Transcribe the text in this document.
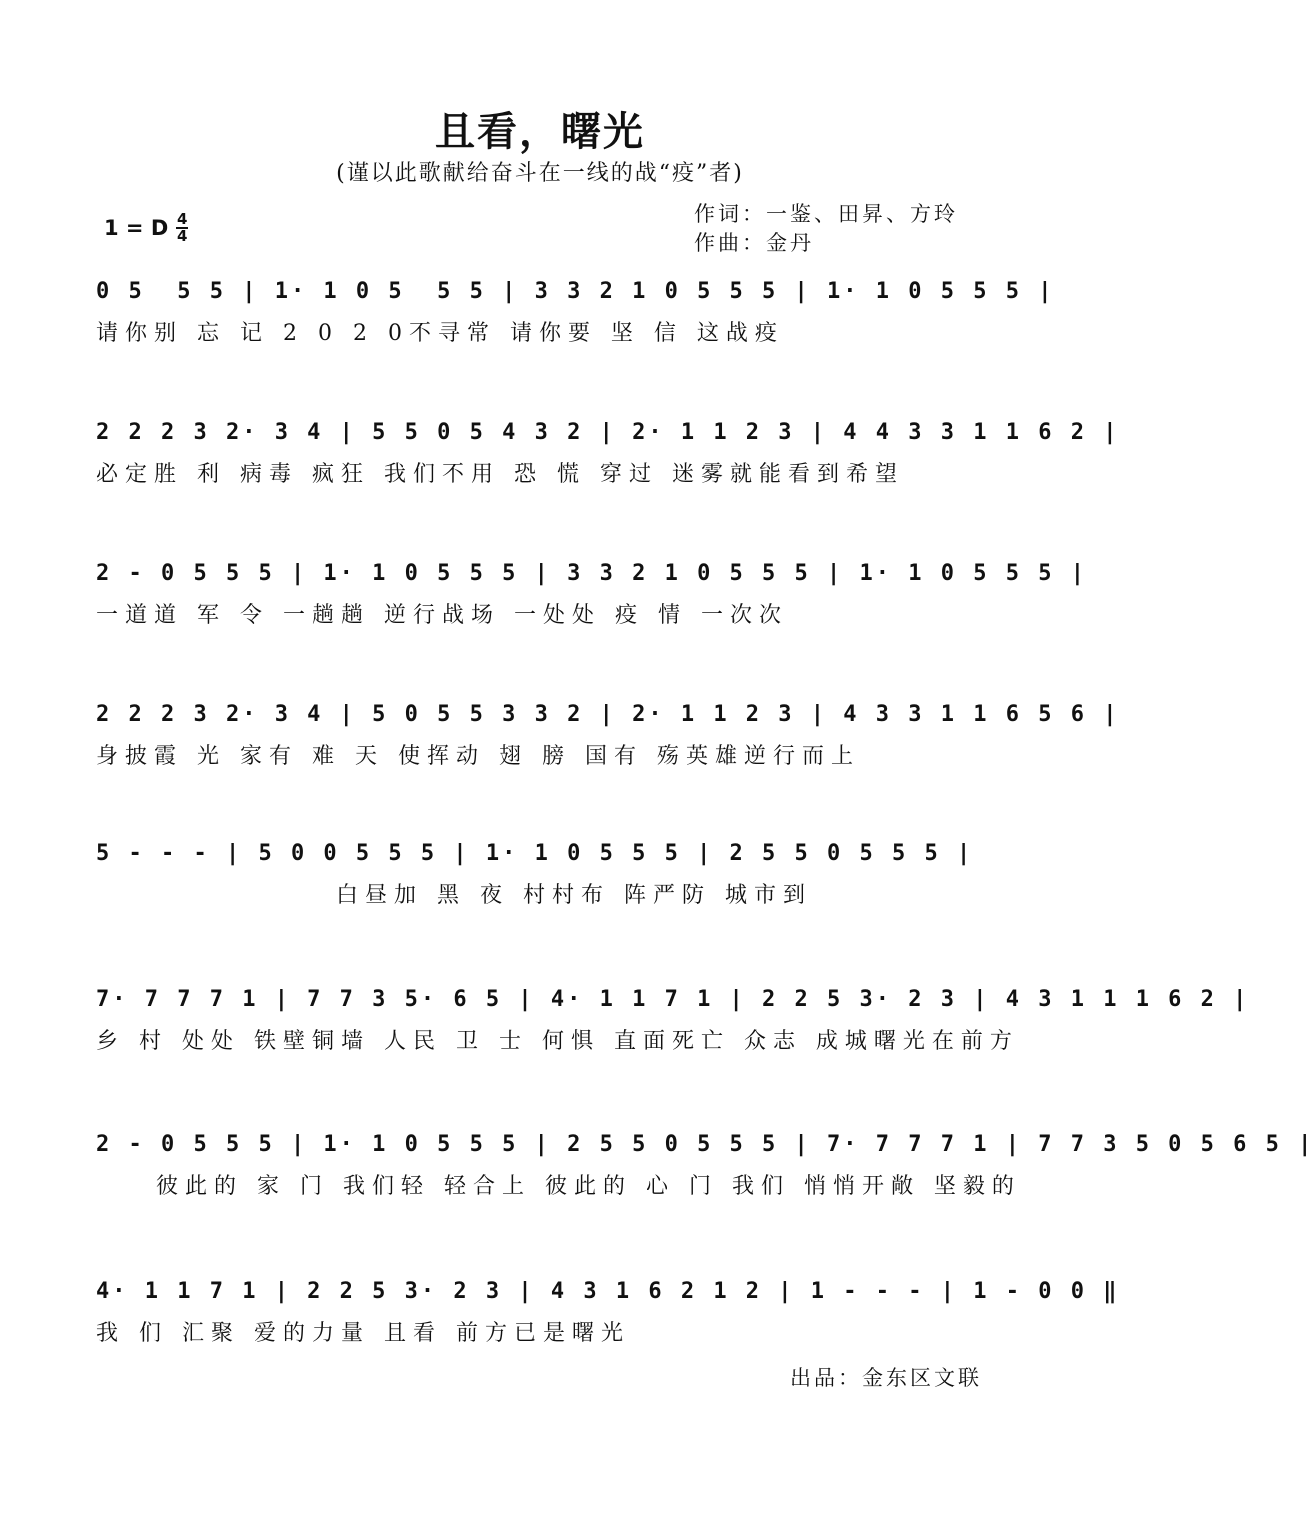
且看，曙光
(谨以此歌献给奋斗在一线的战“疫”者)
1 = D 4
4
作词：一鉴、田昇、方玲
作曲：金丹
0 5  5 5 | 1· 1 0 5  5 5 | 3 3 2 1 0 5 5 5 | 1· 1 0 5 5 5 |
请你别 忘 记 2 0 2 0不寻常 请你要 坚 信 这战疫
2 2 2 3 2· 3 4 | 5 5 0 5 4 3 2 | 2· 1 1 2 3 | 4 4 3 3 1 1 6 2 |
必定胜 利 病毒 疯狂 我们不用 恐 慌 穿过 迷雾就能看到希望
2 - 0 5 5 5 | 1· 1 0 5 5 5 | 3 3 2 1 0 5 5 5 | 1· 1 0 5 5 5 |
一道道 军 令 一趟趟 逆行战场 一处处 疫 情 一次次
2 2 2 3 2· 3 4 | 5 0 5 5 3 3 2 | 2· 1 1 2 3 | 4 3 3 1 1 6 5 6 |
身披霞 光 家有 难 天 使挥动 翅 膀 国有 殇英雄逆行而上
5 - - - | 5 0 0 5 5 5 | 1· 1 0 5 5 5 | 2 5 5 0 5 5 5 |
白昼加 黑 夜 村村布 阵严防 城市到
7· 7 7 7 1 | 7 7 3 5· 6 5 | 4· 1 1 7 1 | 2 2 5 3· 2 3 | 4 3 1 1 1 6 2 |
乡 村 处处 铁壁铜墙 人民 卫 士 何惧 直面死亡 众志 成城曙光在前方
2 - 0 5 5 5 | 1· 1 0 5 5 5 | 2 5 5 0 5 5 5 | 7· 7 7 7 1 | 7 7 3 5 0 5 6 5 |
彼此的 家 门 我们轻 轻合上 彼此的 心 门 我们 悄悄开敞 坚毅的
4· 1 1 7 1 | 2 2 5 3· 2 3 | 4 3 1 6 2 1 2 | 1 - - - | 1 - 0 0 ‖
我 们 汇聚 爱的力量 且看 前方已是曙光
出品：金东区文联
